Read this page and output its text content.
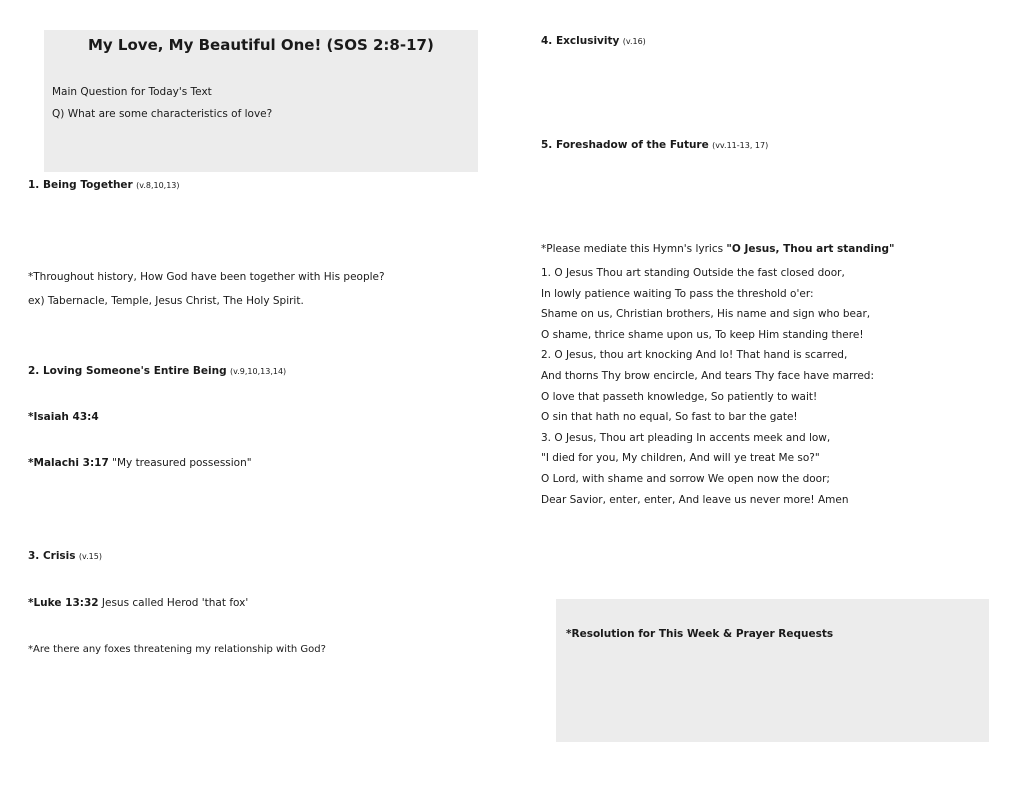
My Love, My Beautiful One! (SOS 2:8-17)
Main Question for Today's Text
Q) What are some characteristics of love?
1. Being Together (v.8,10,13)
*Throughout history, How God have been together with His people?
ex) Tabernacle, Temple, Jesus Christ, The Holy Spirit.
2. Loving Someone's Entire Being (v.9,10,13,14)
*Isaiah 43:4
*Malachi 3:17 "My treasured possession"
3. Crisis (v.15)
*Luke 13:32 Jesus called Herod 'that fox'
*Are there any foxes threatening my relationship with God?
4. Exclusivity (v.16)
5. Foreshadow of the Future (vv.11-13, 17)
*Please mediate this Hymn's lyrics "O Jesus, Thou art standing"
1. O Jesus Thou art standing Outside the fast closed door,
In lowly patience waiting To pass the threshold o'er:
Shame on us, Christian brothers, His name and sign who bear,
O shame, thrice shame upon us, To keep Him standing there!
2. O Jesus, thou art knocking And lo! That hand is scarred,
And thorns Thy brow encircle, And tears Thy face have marred:
O love that passeth knowledge, So patiently to wait!
O sin that hath no equal, So fast to bar the gate!
3. O Jesus, Thou art pleading In accents meek and low,
"I died for you, My children, And will ye treat Me so?"
O Lord, with shame and sorrow We open now the door;
Dear Savior, enter, enter, And leave us never more! Amen
*Resolution for This Week & Prayer Requests
